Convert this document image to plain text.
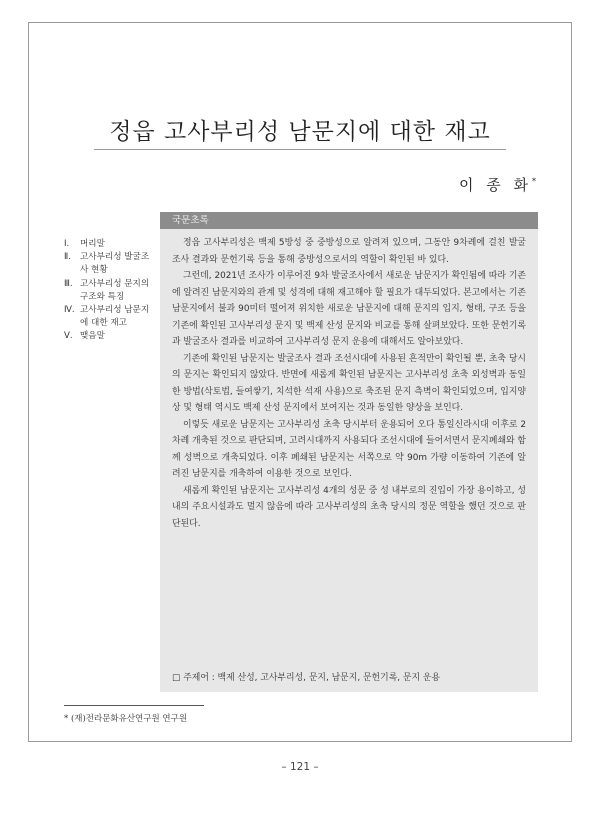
정읍 고사부리성 남문지에 대한 재고
이 종 화*
Ⅰ.	머리말
Ⅱ.	고사부리성 발굴조사 현황
Ⅲ. 고사부리성 문지의 구조와 특징
Ⅳ. 고사부리성 남문지에 대한 재고
Ⅴ. 맺음말
국문초록

정읍 고사부리성은 백제 5방성 중 중방성으로 알려져 있으며, 그동안 9차례에 걸친 발굴조사 결과와 문헌기록 등을 통해 중방성으로서의 역할이 확인된 바 있다.

그런데, 2021년 조사가 이루어진 9차 발굴조사에서 새로운 남문지가 확인됨에 따라 기존에 알려진 남문지와의 관계 및 성격에 대해 재고해야 할 필요가 대두되었다. 본고에서는 기존 남문지에서 불과 90미터 떨어져 위치한 새로운 남문지에 대해 문지의 입지, 형태, 구조 등을 기존에 확인된 고사부리성 문지 및 백제 산성 문지와 비교를 통해 살펴보았다. 또한 문헌기록과 발굴조사 결과를 비교하여 고사부리성 문지 운용에 대해서도 알아보았다.

기존에 확인된 남문지는 발굴조사 결과 조선시대에 사용된 흔적만이 확인될 뿐, 초축 당시의 문지는 확인되지 않았다. 반면에 새롭게 확인된 남문지는 고사부리성 초축 외성벽과 동일한 방법(삭토법, 들여쌓기, 치석한 석재 사용)으로 축조된 문지 측벽이 확인되었으며, 입지양상 및 형태 역시도 백제 산성 문지에서 보여지는 것과 동일한 양상을 보인다.

이렇듯 새로운 남문지는 고사부리성 초축 당시부터 운용되어 오다 통일신라시대 이후로 2차례 개축된 것으로 판단되며, 고려시대까지 사용되다 조선시대에 들어서면서 문지폐쇄와 함께 성벽으로 개축되었다. 이후 폐쇄된 남문지는 서쪽으로 약 90m 가량 이동하여 기존에 알려진 남문지를 개축하여 이용한 것으로 보인다.

새롭게 확인된 남문지는 고사부리성 4개의 성문 중 성 내부로의 진입이 가장 용이하고, 성 내의 주요시설과도 멀지 않음에 따라 고사부리성의 초축 당시의 정문 역할을 했던 것으로 판단된다.

□ 주제어 : 백제 산성, 고사부리성, 문지, 남문지, 문헌기록, 문지 운용
* (재)전라문화유산연구원 연구원
– 121 –
